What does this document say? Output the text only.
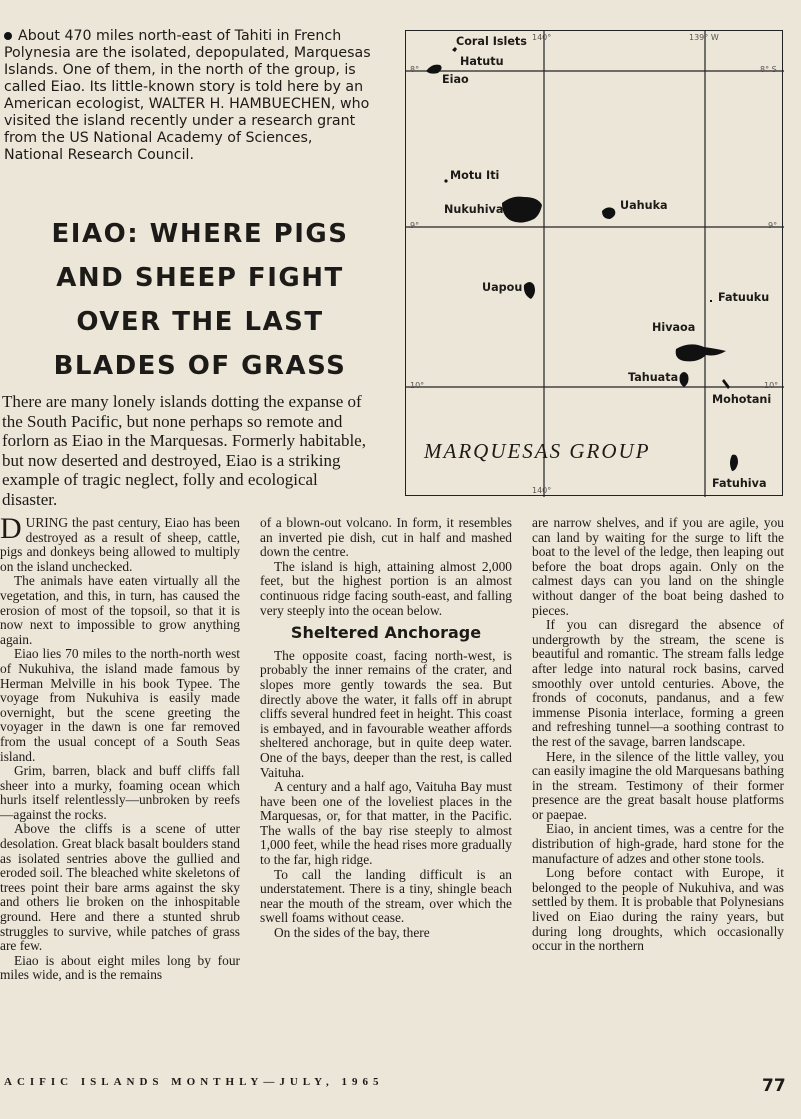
About 470 miles north-east of Tahiti in French Polynesia are the isolated, depopulated, Marquesas Islands. One of them, in the north of the group, is called Eiao. Its little-known story is told here by an American ecologist, WALTER H. HAMBUECHEN, who visited the island recently under a research grant from the US National Academy of Sciences, National Research Council.

EIAO: WHERE PIGS
AND SHEEP FIGHT
OVER THE LAST
BLADES OF GRASS

There are many lonely islands dotting the expanse of the South Pacific, but none perhaps so remote and forlorn as Eiao in the Marquesas. Formerly habitable, but now deserted and destroyed, Eiao is a striking example of tragic neglect, folly and ecological disaster.

140°	139° W
8°	8° S
9°	9°
10°	10°
140°
Coral Islets
Hatutu
Eiao
Motu Iti
Nukuhiva	Uahuka
Uapou
Fatuuku
Hivaoa
Tahuata
Mohotani
Fatuhiva
MARQUESAS GROUP

DURING the past century, Eiao has been destroyed as a result of sheep, cattle, pigs and donkeys being allowed to multiply on the island unchecked.

The animals have eaten virtually all the vegetation, and this, in turn, has caused the erosion of most of the topsoil, so that it is now next to impossible to grow anything again.

Eiao lies 70 miles to the north-north west of Nukuhiva, the island made famous by Herman Melville in his book Typee. The voyage from Nukuhiva is easily made overnight, but the scene greeting the voyager in the dawn is one far removed from the usual concept of a South Seas island.

Grim, barren, black and buff cliffs fall sheer into a murky, foaming ocean which hurls itself relentlessly—unbroken by reefs—against the rocks.

Above the cliffs is a scene of utter desolation. Great black basalt boulders stand as isolated sentries above the gullied and eroded soil. The bleached white skeletons of trees point their bare arms against the sky and others lie broken on the inhospitable ground. Here and there a stunted shrub struggles to survive, while patches of grass are few.

Eiao is about eight miles long by four miles wide, and is the remains

of a blown-out volcano. In form, it resembles an inverted pie dish, cut in half and mashed down the centre.

The island is high, attaining almost 2,000 feet, but the highest portion is an almost continuous ridge facing south-east, and falling very steeply into the ocean below.

Sheltered Anchorage

The opposite coast, facing north-west, is probably the inner remains of the crater, and slopes more gently towards the sea. But directly above the water, it falls off in abrupt cliffs several hundred feet in height. This coast is embayed, and in favourable weather affords sheltered anchorage, but in quite deep water. One of the bays, deeper than the rest, is called Vaituha.

A century and a half ago, Vaituha Bay must have been one of the loveliest places in the Marquesas, or, for that matter, in the Pacific. The walls of the bay rise steeply to almost 1,000 feet, while the head rises more gradually to the far, high ridge.

To call the landing difficult is an understatement. There is a tiny, shingle beach near the mouth of the stream, over which the swell foams without cease.

On the sides of the bay, there

are narrow shelves, and if you are agile, you can land by waiting for the surge to lift the boat to the level of the ledge, then leaping out before the boat drops again. Only on the calmest days can you land on the shingle without danger of the boat being dashed to pieces.

If you can disregard the absence of undergrowth by the stream, the scene is beautiful and romantic. The stream falls ledge after ledge into natural rock basins, carved smoothly over untold centuries. Above, the fronds of coconuts, pandanus, and a few immense Pisonia interlace, forming a green and refreshing tunnel—a soothing contrast to the rest of the savage, barren landscape.

Here, in the silence of the little valley, you can easily imagine the old Marquesans bathing in the stream. Testimony of their former presence are the great basalt house platforms or paepae.

Eiao, in ancient times, was a centre for the distribution of high-grade, hard stone for the manufacture of adzes and other stone tools.

Long before contact with Europe, it belonged to the people of Nukuhiva, and was settled by them. It is probable that Polynesians lived on Eiao during the rainy years, but during long droughts, which occasionally occur in the northern

ACIFIC ISLANDS MONTHLY—JULY, 1965	77
